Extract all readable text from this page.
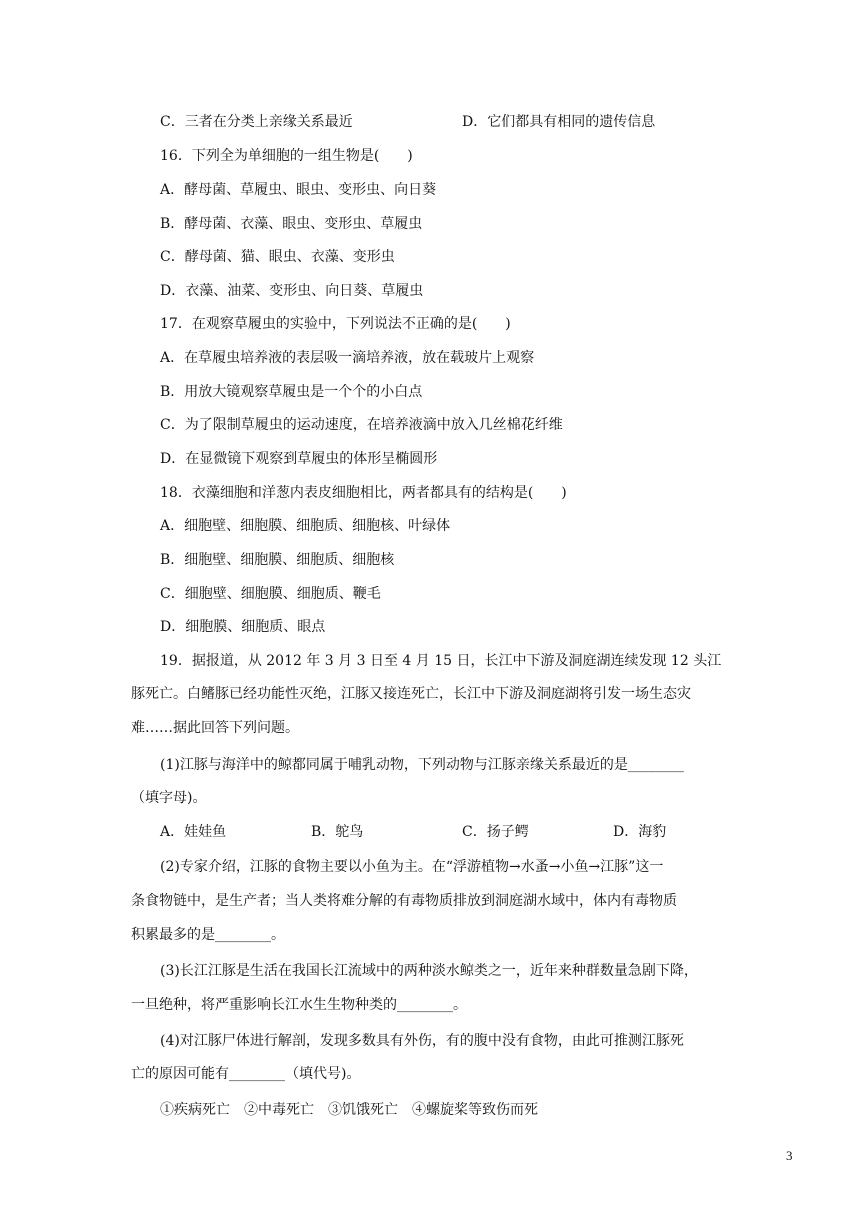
C．三者在分类上亲缘关系最近	D．它们都具有相同的遗传信息
16．下列全为单细胞的一组生物是(　　)
A．酵母菌、草履虫、眼虫、变形虫、向日葵
B．酵母菌、衣藻、眼虫、变形虫、草履虫
C．酵母菌、猫、眼虫、衣藻、变形虫
D．衣藻、油菜、变形虫、向日葵、草履虫
17．在观察草履虫的实验中，下列说法不正确的是(　　)
A．在草履虫培养液的表层吸一滴培养液，放在载玻片上观察
B．用放大镜观察草履虫是一个个的小白点
C．为了限制草履虫的运动速度，在培养液滴中放入几丝棉花纤维
D．在显微镜下观察到草履虫的体形呈椭圆形
18．衣藻细胞和洋葱内表皮细胞相比，两者都具有的结构是(　　)
A．细胞壁、细胞膜、细胞质、细胞核、叶绿体
B．细胞壁、细胞膜、细胞质、细胞核
C．细胞壁、细胞膜、细胞质、鞭毛
D．细胞膜、细胞质、眼点
19．据报道，从 2012 年 3 月 3 日至 4 月 15 日，长江中下游及洞庭湖连续发现 12 头江
豚死亡。白鳍豚已经功能性灭绝，江豚又接连死亡，长江中下游及洞庭湖将引发一场生态灾
难……据此回答下列问题。
(1)江豚与海洋中的鲸都同属于哺乳动物，下列动物与江豚亲缘关系最近的是________
（填字母)。
A．娃娃鱼	B．鸵鸟	C．扬子鳄	D．海豹
(2)专家介绍，江豚的食物主要以小鱼为主。在“浮游植物→水蚤→小鱼→江豚”这一
条食物链中，是生产者；当人类将难分解的有毒物质排放到洞庭湖水域中，体内有毒物质
积累最多的是________。
(3)长江江豚是生活在我国长江流域中的两种淡水鲸类之一，近年来种群数量急剧下降，
一旦绝种，将严重影响长江水生生物种类的________。
(4)对江豚尸体进行解剖，发现多数具有外伤，有的腹中没有食物，由此可推测江豚死
亡的原因可能有________（填代号)。
①疾病死亡　②中毒死亡　③饥饿死亡　④螺旋桨等致伤而死
3
